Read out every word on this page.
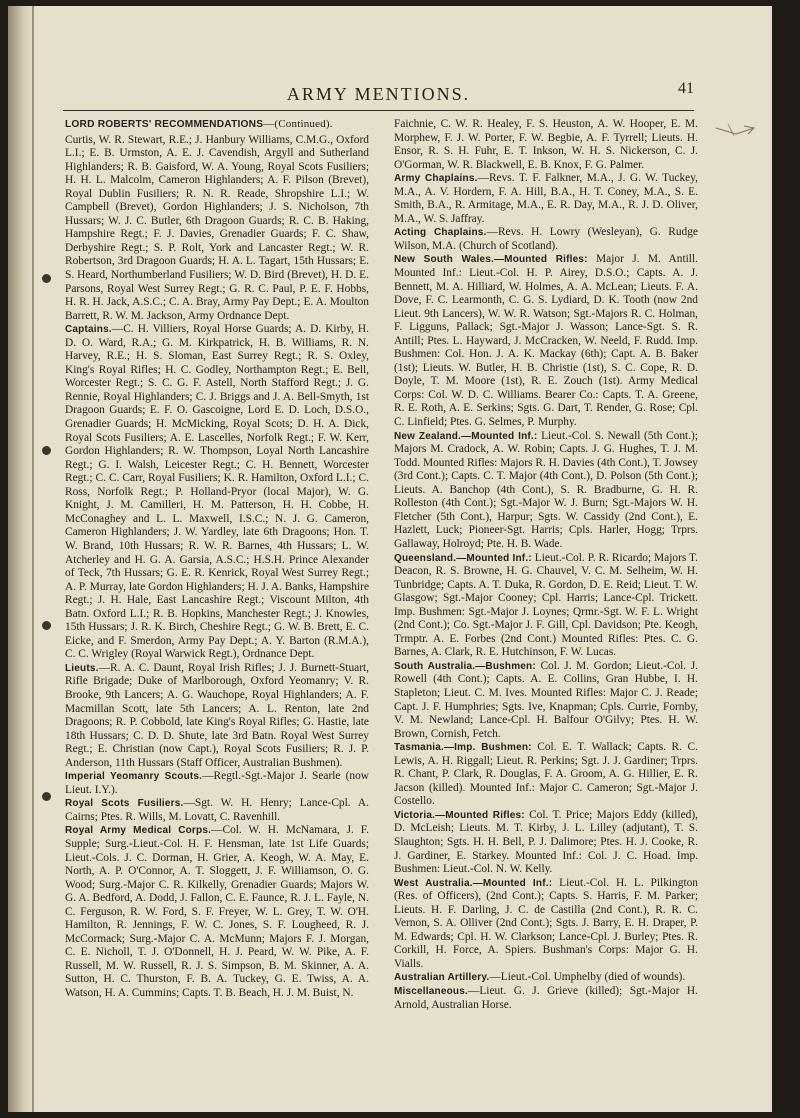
ARMY MENTIONS.	41
LORD ROBERTS' RECOMMENDATIONS—(Continued).

Curtis, W. R. Stewart, R.E.; J. Hanbury Williams, C.M.G., Oxford L.I.; E. B. Urmston, A. E. J. Cavendish, Argyll and Sutherland Highlanders; R. B. Gaisford, W. A. Young, Royal Scots Fusiliers; H. H. L. Malcolm, Cameron Highlanders; A. F. Pilson (Brevet), Royal Dublin Fusiliers; R. N. R. Reade, Shropshire L.I.; W. Campbell (Brevet), Gordon Highlanders; J. S. Nicholson, 7th Hussars; W. J. C. Butler, 6th Dragoon Guards; R. C. B. Haking, Hampshire Regt.; F. J. Davies, Grenadier Guards; F. C. Shaw, Derbyshire Regt.; S. P. Rolt, York and Lancaster Regt.; W. R. Robertson, 3rd Dragoon Guards; H. A. L. Tagart, 15th Hussars; E. S. Heard, Northumberland Fusiliers; W. D. Bird (Brevet), H. D. E. Parsons, Royal West Surrey Regt.; G. R. C. Paul, P. E. F. Hobbs, H. R. H. Jack, A.S.C.; C. A. Bray, Army Pay Dept.; E. A. Moulton Barrett, R. W. M. Jackson, Army Ordnance Dept.

Captains.—C. H. Villiers, Royal Horse Guards; A. D. Kirby, H. D. O. Ward, R.A.; G. M. Kirkpatrick, H. B. Williams, R. N. Harvey, R.E.; H. S. Sloman, East Surrey Regt.; R. S. Oxley, King's Royal Rifles; H. C. Godley, Northampton Regt.; E. Bell, Worcester Regt.; S. C. G. F. Astell, North Stafford Regt.; J. G. Rennie, Royal Highlanders; C. J. Briggs and J. A. Bell-Smyth, 1st Dragoon Guards; E. F. O. Gascoigne, Lord E. D. Loch, D.S.O., Grenadier Guards; H. McMicking, Royal Scots; D. H. A. Dick, Royal Scots Fusiliers; A. E. Lascelles, Norfolk Regt.; F. W. Kerr, Gordon Highlanders; R. W. Thompson, Loyal North Lancashire Regt.; G. I. Walsh, Leicester Regt.; C. H. Bennett, Worcester Regt.; C. C. Carr, Royal Fusiliers; K. R. Hamilton, Oxford L.I.; C. Ross, Norfolk Regt.; P. Holland-Pryor (local Major), W. G. Knight, J. M. Camilleri, H. M. Patterson, H. H. Cobbe, H. McConaghey and L. L. Maxwell, I.S.C.; N. J. G. Cameron, Cameron Highlanders; J. W. Yardley, late 6th Dragoons; Hon. T. W. Brand, 10th Hussars; R. W. R. Barnes, 4th Hussars; L. W. Atcherley and H. G. A. Garsia, A.S.C.; H.S.H. Prince Alexander of Teck, 7th Hussars; G. E. R. Kenrick, Royal West Surrey Regt.; A. P. Murray, late Gordon Highlanders; H. J. A. Banks, Hampshire Regt.; J. H. Hale, East Lancashire Regt.; Viscount Milton, 4th Batn. Oxford L.I.; R. B. Hopkins, Manchester Regt.; J. Knowles, 15th Hussars; J. R. K. Birch, Cheshire Regt.; G. W. B. Brett, E. C. Eicke, and F. Smerdon, Army Pay Dept.; A. Y. Barton (R.M.A.), C. C. Wrigley (Royal Warwick Regt.), Ordnance Dept.

Lieuts.—R. A. C. Daunt, Royal Irish Rifles; J. J. Burnett-Stuart, Rifle Brigade; Duke of Marlborough, Oxford Yeomanry; V. R. Brooke, 9th Lancers; A. G. Wauchope, Royal Highlanders; A. F. Macmillan Scott, late 5th Lancers; A. L. Renton, late 2nd Dragoons; R. P. Cobbold, late King's Royal Rifles; G. Hastie, late 18th Hussars; C. D. D. Shute, late 3rd Batn. Royal West Surrey Regt.; E. Christian (now Capt.), Royal Scots Fusiliers; R. J. P. Anderson, 11th Hussars (Staff Officer, Australian Bushmen).

Imperial Yeomanry Scouts.—Regtl.-Sgt.-Major J. Searle (now Lieut. I.Y.).

Royal Scots Fusiliers.—Sgt. W. H. Henry; Lance-Cpl. A. Cairns; Ptes. R. Wills, M. Lovatt, C. Ravenhill.

Royal Army Medical Corps.—Col. W. H. McNamara, J. F. Supple; Surg.-Lieut.-Col. H. F. Hensman, late 1st Life Guards; Lieut.-Cols. J. C. Dorman, H. Grier, A. Keogh, W. A. May, E. North, A. P. O'Connor, A. T. Sloggett, J. F. Williamson, O. G. Wood; Surg.-Major C. R. Kilkelly, Grenadier Guards; Majors W. G. A. Bedford, A. Dodd, J. Fallon, C. E. Faunce, R. J. L. Fayle, N. C. Ferguson, R. W. Ford, S. F. Freyer, W. L. Grey, T. W. O'H. Hamilton, R. Jennings, F. W. C. Jones, S. F. Lougheed, R. J. McCormack; Surg.-Major C. A. McMunn; Majors F. J. Morgan, C. E. Nicholl, T. J. O'Donnell, H. J. Peard, W. W. Pike, A. F. Russell, M. W. Russell, R. J. S. Simpson, B. M. Skinner, A. A. Sutton, H. C. Thurston, F. B. A. Tuckey, G. E. Twiss, A. A. Watson, H. A. Cummins; Capts. T. B. Beach, H. J. M. Buist, N.

Faichnie, C. W. R. Healey, F. S. Heuston, A. W. Hooper, E. M. Morphew, F. J. W. Porter, F. W. Begbie, A. F. Tyrrell; Lieuts. H. Ensor, R. S. H. Fuhr, E. T. Inkson, W. H. S. Nickerson, C. J. O'Gorman, W. R. Blackwell, E. B. Knox, F. G. Palmer.

Army Chaplains.—Revs. T. F. Falkner, M.A., J. G. W. Tuckey, M.A., A. V. Hordern, F. A. Hill, B.A., H. T. Coney, M.A., S. E. Smith, B.A., R. Armitage, M.A., E. R. Day, M.A., R. J. D. Oliver, M.A., W. S. Jaffray.

Acting Chaplains.—Revs. H. Lowry (Wesleyan), G. Rudge Wilson, M.A. (Church of Scotland).

New South Wales.—Mounted Rifles: Major J. M. Antill. Mounted Inf.: Lieut.-Col. H. P. Airey, D.S.O.; Capts. A. J. Bennett, M. A. Hilliard, W. Holmes, A. A. McLean; Lieuts. F. A. Dove, F. C. Learmonth, C. G. S. Lydiard, D. K. Tooth (now 2nd Lieut. 9th Lancers), W. W. R. Watson; Sgt.-Majors R. C. Holman, F. Ligguns, Pallack; Sgt.-Major J. Wasson; Lance-Sgt. S. R. Antill; Ptes. L. Hayward, J. McCracken, W. Neeld, F. Rudd. Imp. Bushmen: Col. Hon. J. A. K. Mackay (6th); Capt. A. B. Baker (1st); Lieuts. W. Butler, H. B. Christie (1st), S. C. Cope, R. D. Doyle, T. M. Moore (1st), R. E. Zouch (1st). Army Medical Corps: Col. W. D. C. Williams. Bearer Co.: Capts. T. A. Greene, R. E. Roth, A. E. Serkins; Sgts. G. Dart, T. Render, G. Rose; Cpl. C. Linfield; Ptes. G. Selmes, P. Murphy.

New Zealand.—Mounted Inf.: Lieut.-Col. S. Newall (5th Cont.); Majors M. Cradock, A. W. Robin; Capts. J. G. Hughes, T. J. M. Todd. Mounted Rifles: Majors R. H. Davies (4th Cont.), T. Jowsey (3rd Cont.); Capts. C. T. Major (4th Cont.), D. Polson (5th Cont.); Lieuts. A. Banchop (4th Cont.), S. R. Bradburne, G. H. R. Rolleston (4th Cont.); Sgt.-Major W. J. Burn; Sgt.-Majors W. H. Fletcher (5th Cont.), Harpur; Sgts. W. Cassidy (2nd Cont.), E. Hazlett, Luck; Pioneer-Sgt. Harris; Cpls. Harler, Hogg; Trprs. Gallaway, Holroyd; Pte. H. B. Wade.

Queensland.—Mounted Inf.: Lieut.-Col. P. R. Ricardo; Majors T. Deacon, R. S. Browne, H. G. Chauvel, V. C. M. Selheim, W. H. Tunbridge; Capts. A. T. Duka, R. Gordon, D. E. Reid; Lieut. T. W. Glasgow; Sgt.-Major Cooney; Cpl. Harris; Lance-Cpl. Trickett. Imp. Bushmen: Sgt.-Major J. Loynes; Qrmr.-Sgt. W. F. L. Wright (2nd Cont.); Co. Sgt.-Major J. F. Gill, Cpl. Davidson; Pte. Keogh, Trmptr. A. E. Forbes (2nd Cont.) Mounted Rifles: Ptes. C. G. Barnes, A. Clark, R. E. Hutchinson, F. W. Lucas.

South Australia.—Bushmen: Col. J. M. Gordon; Lieut.-Col. J. Rowell (4th Cont.); Capts. A. E. Collins, Gran Hubbe, I. H. Stapleton; Lieut. C. M. Ives. Mounted Rifles: Major C. J. Reade; Capt. J. F. Humphries; Sgts. Ive, Knapman; Cpls. Currie, Fornby, V. M. Newland; Lance-Cpl. H. Balfour O'Gilvy; Ptes. H. W. Brown, Cornish, Fetch.

Tasmania.—Imp. Bushmen: Col. E. T. Wallack; Capts. R. C. Lewis, A. H. Riggall; Lieut. R. Perkins; Sgt. J. J. Gardiner; Trprs. R. Chant, P. Clark, R. Douglas, F. A. Groom, A. G. Hillier, E. R. Jacson (killed). Mounted Inf.: Major C. Cameron; Sgt.-Major J. Costello.

Victoria.—Mounted Rifles: Col. T. Price; Majors Eddy (killed), D. McLeish; Lieuts. M. T. Kirby, J. L. Lilley (adjutant), T. S. Slaughton; Sgts. H. H. Bell, P. J. Dalimore; Ptes. H. J. Cooke, R. J. Gardiner, E. Starkey. Mounted Inf.: Col. J. C. Hoad. Imp. Bushmen: Lieut.-Col. N. W. Kelly.

West Australia.—Mounted Inf.: Lieut.-Col. H. L. Pilkington (Res. of Officers), (2nd Cont.); Capts. S. Harris, F. M. Parker; Lieuts. H. F. Darling, J. C. de Castilla (2nd Cont.), R. R. C. Vernon, S. A. Olliver (2nd Cont.); Sgts. J. Barry, E. H. Draper, P. M. Edwards; Cpl. H. W. Clarkson; Lance-Cpl. J. Burley; Ptes. R. Corkill, H. Force, A. Spiers. Bushman's Corps: Major G. H. Vialls.

Australian Artillery.—Lieut.-Col. Umphelby (died of wounds).

Miscellaneous.—Lieut. G. J. Grieve (killed); Sgt.-Major H. Arnold, Australian Horse.
